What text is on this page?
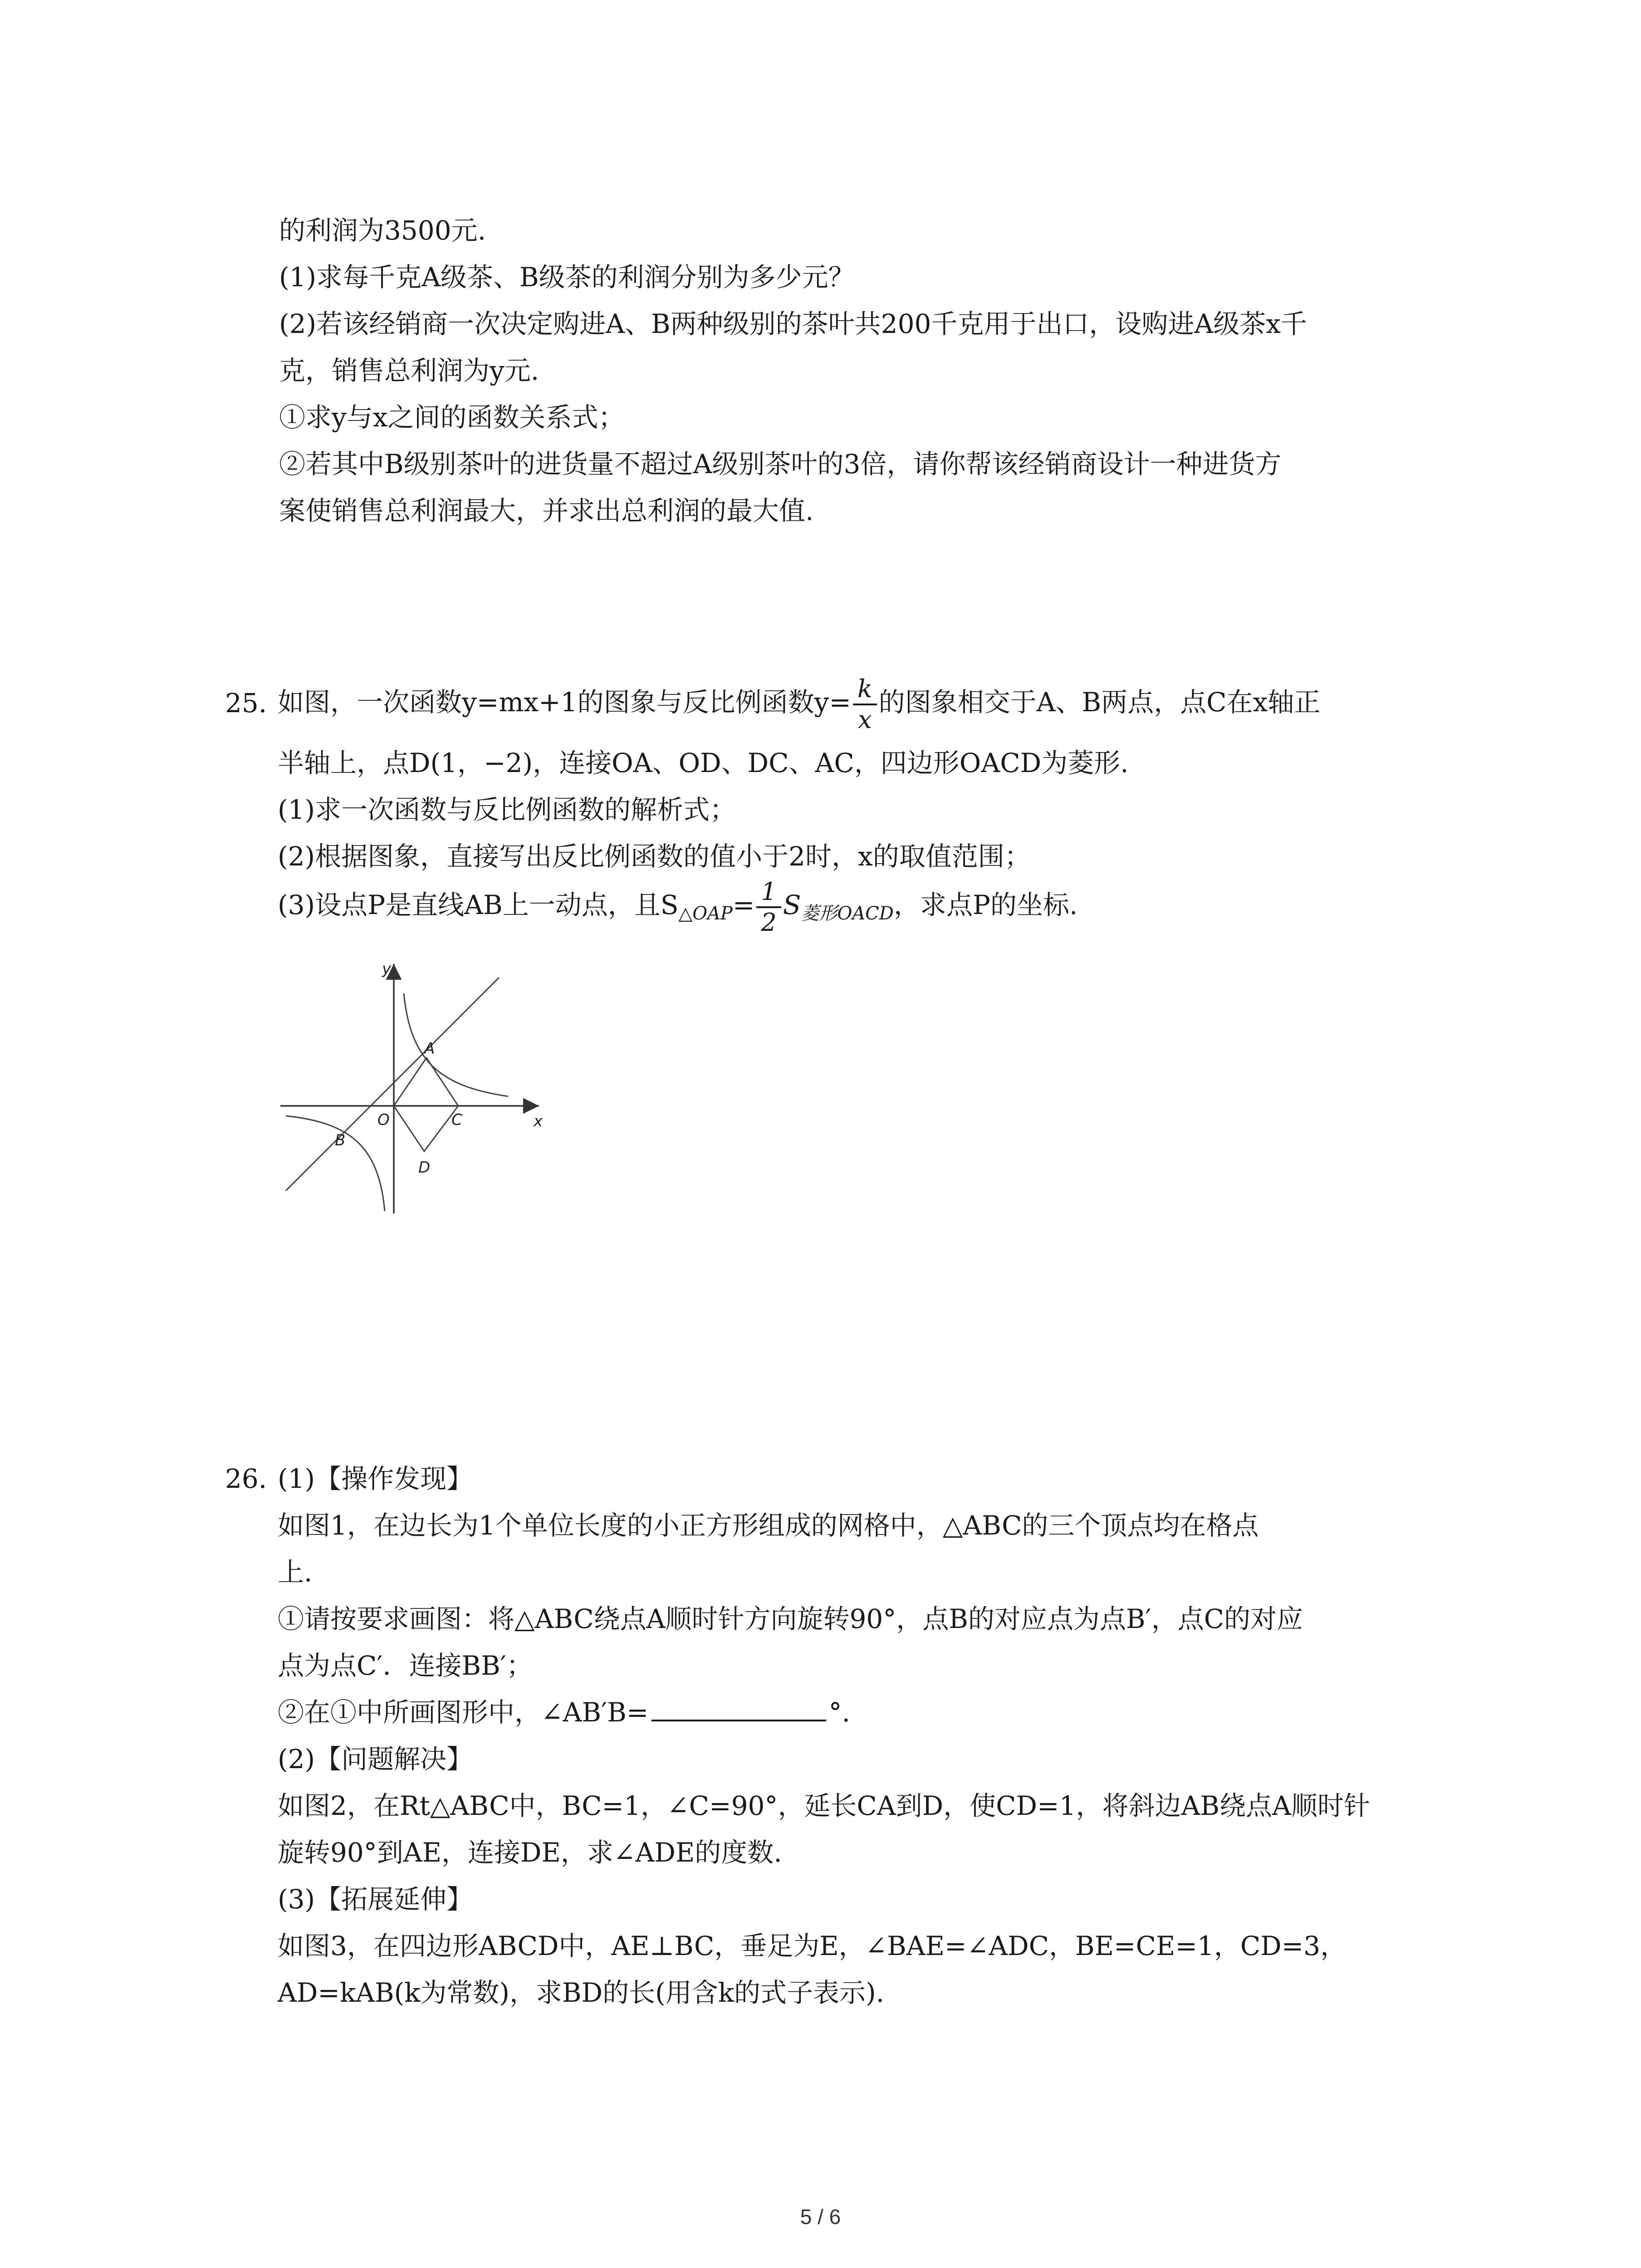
的利润为3500元.
(1)求每千克A级茶、B级茶的利润分别为多少元？
(2)若该经销商一次决定购进A、B两种级别的茶叶共200千克用于出口，设购进A级茶x千
克，销售总利润为y元.
①求y与x之间的函数关系式；
②若其中B级别茶叶的进货量不超过A级别茶叶的3倍，请你帮该经销商设计一种进货方
案使销售总利润最大，并求出总利润的最大值.
25. 如图，一次函数y=mx+1的图象与反比例函数$y= \frac{k}{x}$ 的图象相交于A、B两点，点C在x轴正
半轴上，点D(1，−2)，连接OA、OD、DC、AC，四边形OACD为菱形.
(1)求一次函数与反比例函数的解析式；
(2)根据图象，直接写出反比例函数的值小于2时，x的取值范围；
(3)设点P是直线AB上一动点，且$S_{\triangle OAP}= \frac{1}{2} S_{菱形OACD}$，求点P的坐标.
y
x
A
B
O	C
D
26. (1)【操作发现】
如图1，在边长为1个单位长度的小正方形组成的网格中，△ABC的三个顶点均在格点
上.
①请按要求画图：将△ABC绕点A顺时针方向旋转90°，点B的对应点为点B′，点C的对应
点为点C′．连接BB′；
②在①中所画图形中，∠AB′B=	°.
(2)【问题解决】
如图2，在Rt△ABC中，BC=1，∠C=90°，延长CA到D，使CD=1，将斜边AB绕点A顺时针
旋转90°到AE，连接DE，求∠ADE的度数.
(3)【拓展延伸】
如图3，在四边形ABCD中，AE⊥BC，垂足为E，∠BAE=∠ADC，BE=CE=1，CD=3，
AD=kAB(k为常数)，求BD的长(用含k的式子表示).
5 / 6
